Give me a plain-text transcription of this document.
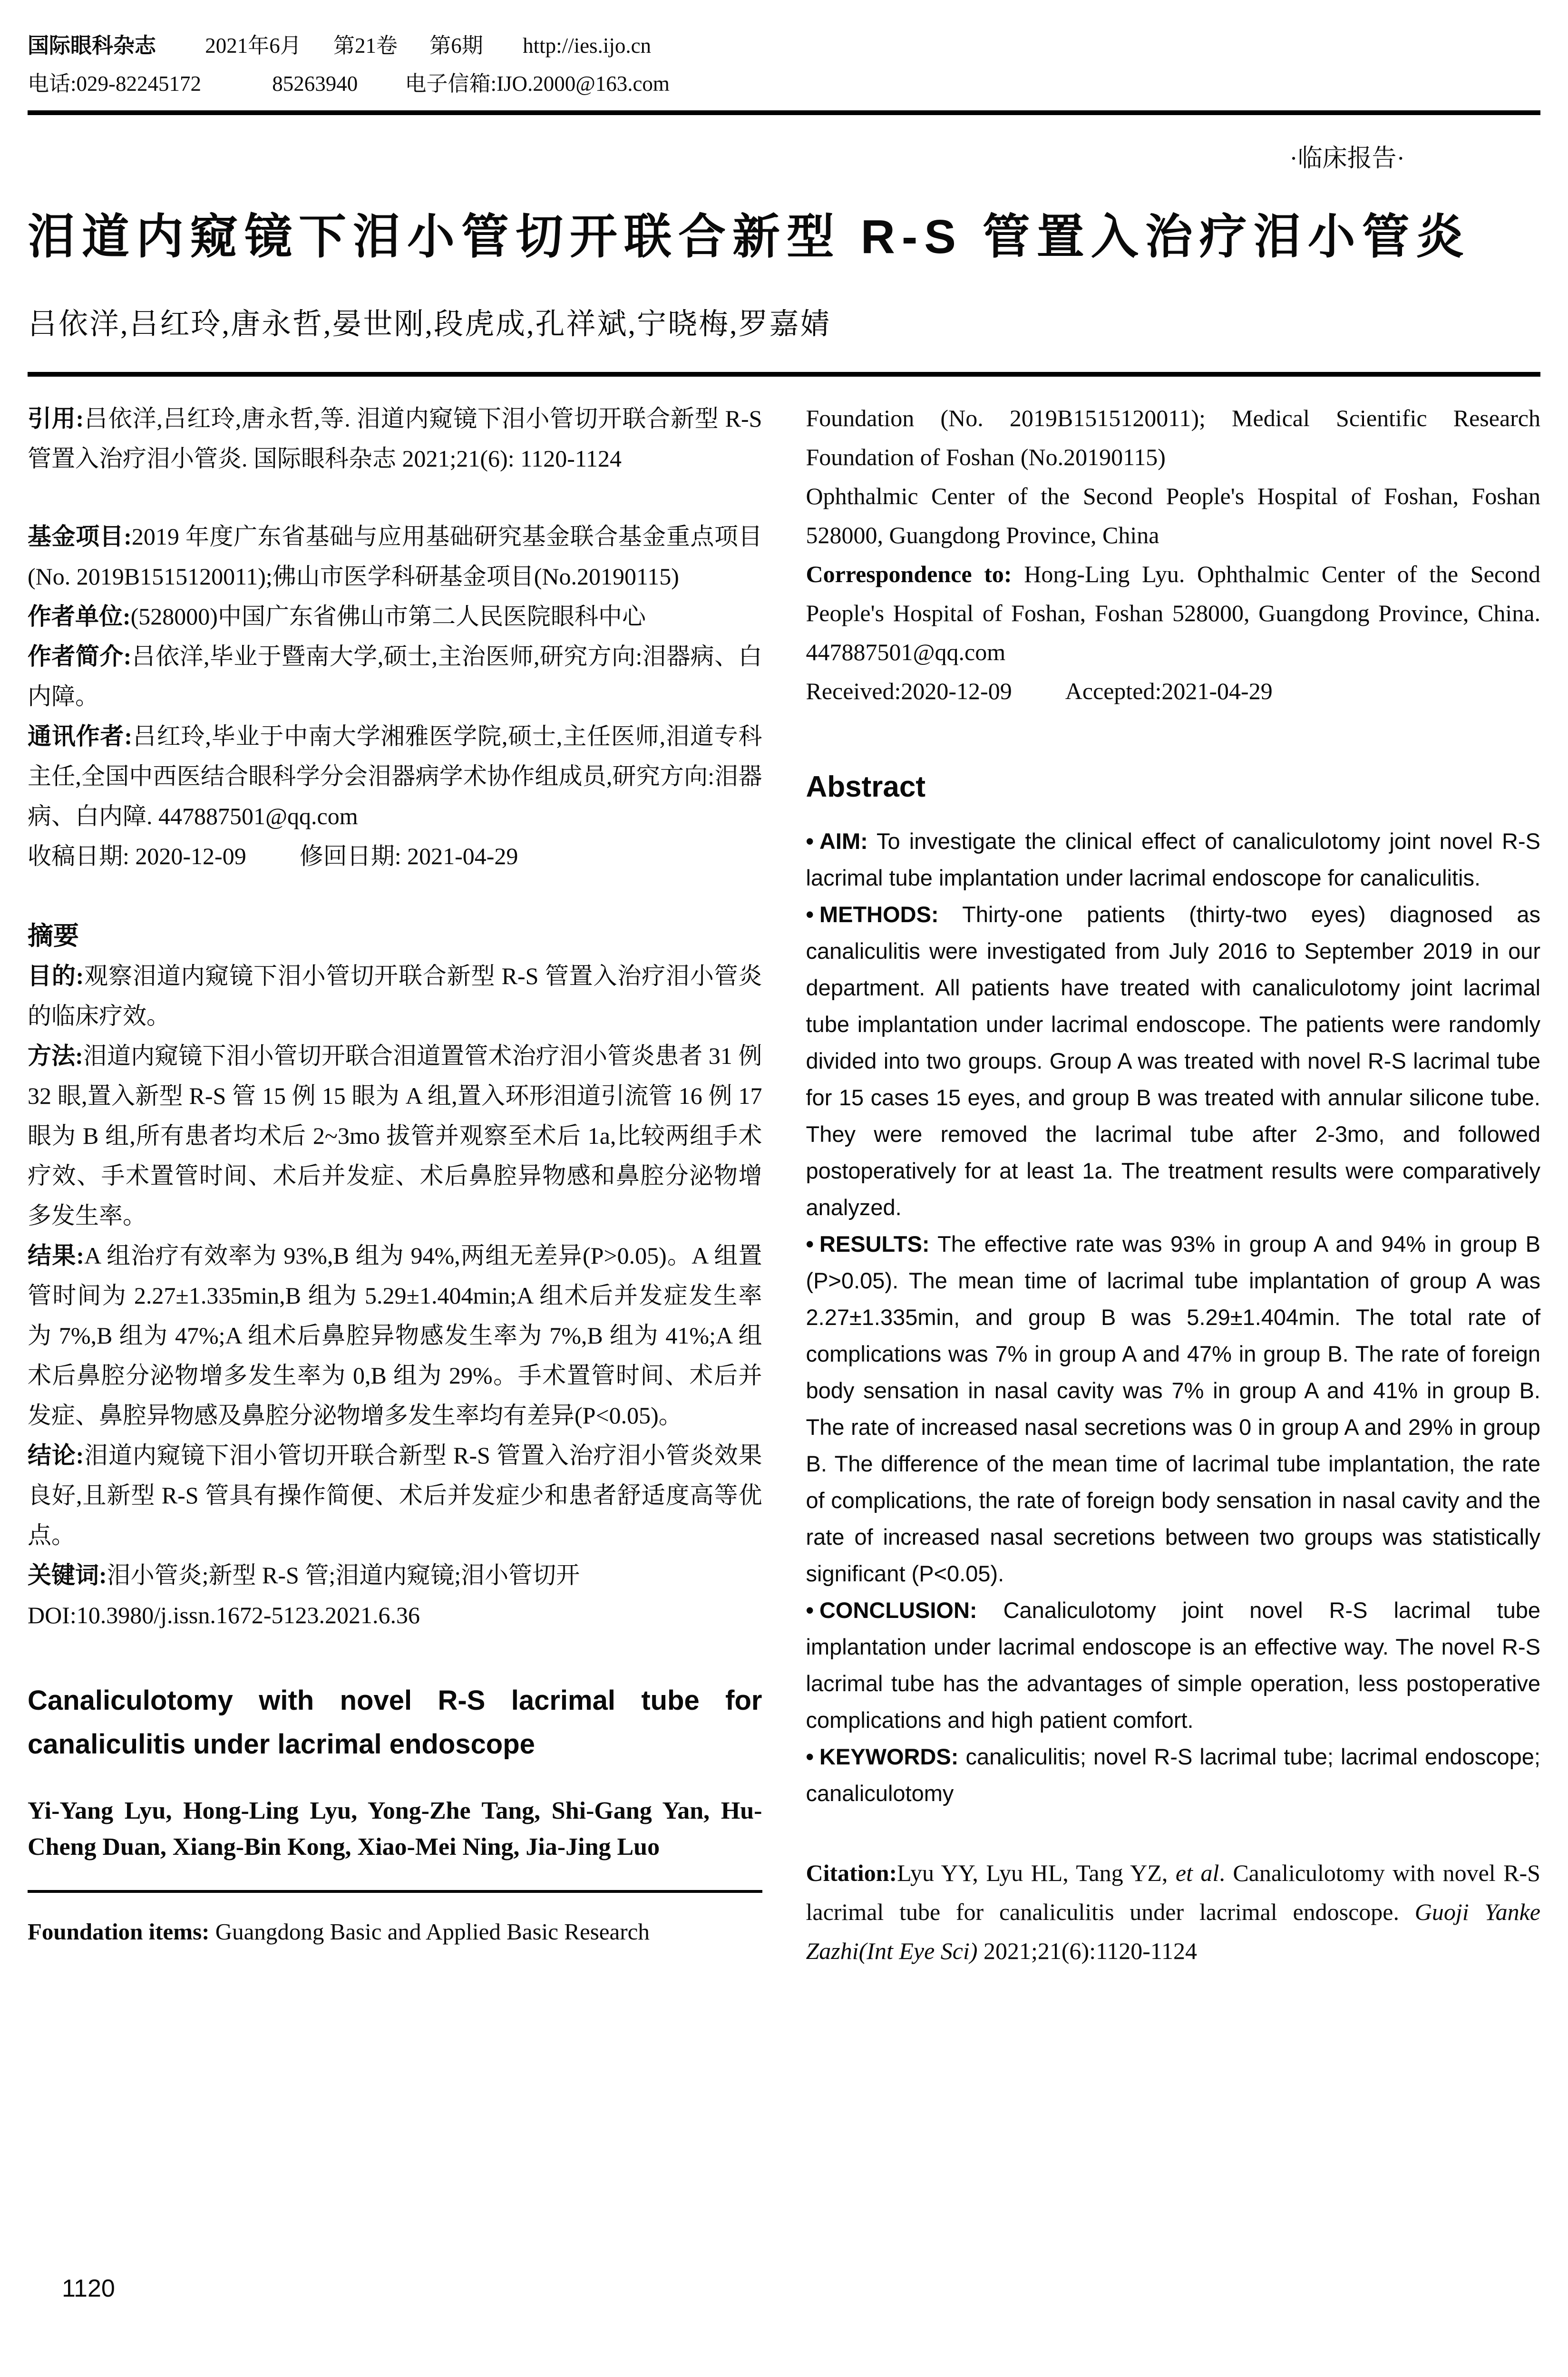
国际眼科杂志 2021年6月 第21卷 第6期 http://ies.ijo.cn
电话:029-82245172	85263940 电子信箱:IJO.2000@163.com
·临床报告·
泪道内窥镜下泪小管切开联合新型 R-S 管置入治疗泪小管炎
吕依洋,吕红玲,唐永哲,晏世刚,段虎成,孔祥斌,宁晓梅,罗嘉婧

引用:吕依洋,吕红玲,唐永哲,等. 泪道内窥镜下泪小管切开联合新型 R-S 管置入治疗泪小管炎. 国际眼科杂志 2021;21(6): 1120-1124

基金项目:2019 年度广东省基础与应用基础研究基金联合基金重点项目(No. 2019B1515120011);佛山市医学科研基金项目(No.20190115)

作者单位:(528000)中国广东省佛山市第二人民医院眼科中心

作者简介:吕依洋,毕业于暨南大学,硕士,主治医师,研究方向:泪器病、白内障。

通讯作者:吕红玲,毕业于中南大学湘雅医学院,硕士,主任医师,泪道专科主任,全国中西医结合眼科学分会泪器病学术协作组成员,研究方向:泪器病、白内障. 447887501@qq.com

收稿日期: 2020-12-09 修回日期: 2021-04-29

摘要

目的:观察泪道内窥镜下泪小管切开联合新型 R-S 管置入治疗泪小管炎的临床疗效。

方法:泪道内窥镜下泪小管切开联合泪道置管术治疗泪小管炎患者 31 例 32 眼,置入新型 R-S 管 15 例 15 眼为 A 组,置入环形泪道引流管 16 例 17 眼为 B 组,所有患者均术后 2~3mo 拔管并观察至术后 1a,比较两组手术疗效、手术置管时间、术后并发症、术后鼻腔异物感和鼻腔分泌物增多发生率。

结果:A 组治疗有效率为 93%,B 组为 94%,两组无差异(P>0.05)。A 组置管时间为 2.27±1.335min,B 组为 5.29±1.404min;A 组术后并发症发生率为 7%,B 组为 47%;A 组术后鼻腔异物感发生率为 7%,B 组为 41%;A 组术后鼻腔分泌物增多发生率为 0,B 组为 29%。手术置管时间、术后并发症、鼻腔异物感及鼻腔分泌物增多发生率均有差异(P<0.05)。

结论:泪道内窥镜下泪小管切开联合新型 R-S 管置入治疗泪小管炎效果良好,且新型 R-S 管具有操作简便、术后并发症少和患者舒适度高等优点。

关键词:泪小管炎;新型 R-S 管;泪道内窥镜;泪小管切开

DOI:10.3980/j.issn.1672-5123.2021.6.36

Canaliculotomy with novel R-S lacrimal tube for canaliculitis under lacrimal endoscope

Yi-Yang Lyu, Hong-Ling Lyu, Yong-Zhe Tang, Shi-Gang Yan, Hu-Cheng Duan, Xiang-Bin Kong, Xiao-Mei Ning, Jia-Jing Luo

Foundation items: Guangdong Basic and Applied Basic Research

Foundation (No. 2019B1515120011); Medical Scientific Research Foundation of Foshan (No.20190115)

Ophthalmic Center of the Second People's Hospital of Foshan, Foshan 528000, Guangdong Province, China

Correspondence to: Hong-Ling Lyu. Ophthalmic Center of the Second People's Hospital of Foshan, Foshan 528000, Guangdong Province, China. 447887501@qq.com

Received:2020-12-09 Accepted:2021-04-29

Abstract

• AIM: To investigate the clinical effect of canaliculotomy joint novel R-S lacrimal tube implantation under lacrimal endoscope for canaliculitis.

• METHODS: Thirty-one patients (thirty-two eyes) diagnosed as canaliculitis were investigated from July 2016 to September 2019 in our department. All patients have treated with canaliculotomy joint lacrimal tube implantation under lacrimal endoscope. The patients were randomly divided into two groups. Group A was treated with novel R-S lacrimal tube for 15 cases 15 eyes, and group B was treated with annular silicone tube. They were removed the lacrimal tube after 2-3mo, and followed postoperatively for at least 1a. The treatment results were comparatively analyzed.

• RESULTS: The effective rate was 93% in group A and 94% in group B (P>0.05). The mean time of lacrimal tube implantation of group A was 2.27±1.335min, and group B was 5.29±1.404min. The total rate of complications was 7% in group A and 47% in group B. The rate of foreign body sensation in nasal cavity was 7% in group A and 41% in group B. The rate of increased nasal secretions was 0 in group A and 29% in group B. The difference of the mean time of lacrimal tube implantation, the rate of complications, the rate of foreign body sensation in nasal cavity and the rate of increased nasal secretions between two groups was statistically significant (P<0.05).

• CONCLUSION: Canaliculotomy joint novel R-S lacrimal tube implantation under lacrimal endoscope is an effective way. The novel R-S lacrimal tube has the advantages of simple operation, less postoperative complications and high patient comfort.

• KEYWORDS: canaliculitis; novel R-S lacrimal tube; lacrimal endoscope; canaliculotomy

Citation:Lyu YY, Lyu HL, Tang YZ, et al. Canaliculotomy with novel R-S lacrimal tube for canaliculitis under lacrimal endoscope. Guoji Yanke Zazhi(Int Eye Sci) 2021;21(6):1120-1124

1120
